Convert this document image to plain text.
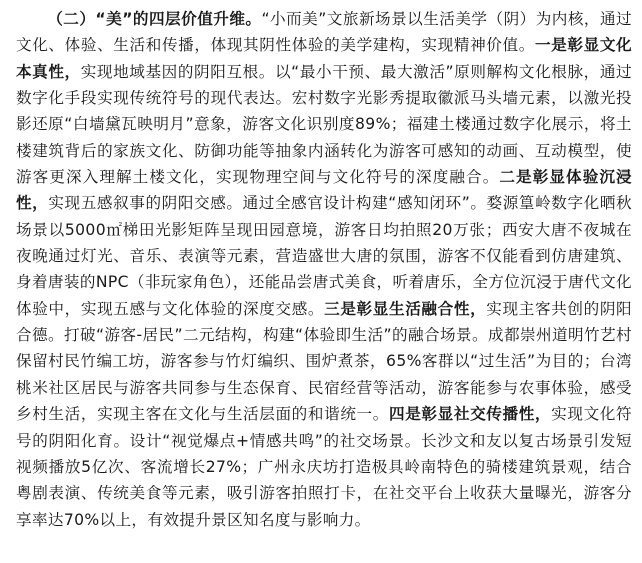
（二）“美”的四层价值升维。“小而美”文旅新场景以生活美学（阴）为内核，通过文化、体验、生活和传播，体现其阴性体验的美学建构，实现精神价值。一是彰显文化本真性，实现地域基因的阴阳互根。以“最小干预、最大激活”原则解构文化根脉，通过数字化手段实现传统符号的现代表达。宏村数字光影秀提取徽派马头墙元素，以激光投影还原“白墙黛瓦映明月”意象，游客文化识别度89%；福建土楼通过数字化展示，将土楼建筑背后的家族文化、防御功能等抽象内涵转化为游客可感知的动画、互动模型，使游客更深入理解土楼文化，实现物理空间与文化符号的深度融合。二是彰显体验沉浸性，实现五感叙事的阴阳交感。通过全感官设计构建“感知闭环”。婺源篁岭数字化晒秋场景以5000㎡梯田光影矩阵呈现田园意境，游客日均拍照20万张；西安大唐不夜城在夜晚通过灯光、音乐、表演等元素，营造盛世大唐的氛围，游客不仅能看到仿唐建筑、身着唐装的NPC（非玩家角色），还能品尝唐式美食，听着唐乐，全方位沉浸于唐代文化体验中，实现五感与文化体验的深度交感。三是彰显生活融合性，实现主客共创的阴阳合德。打破“游客-居民”二元结构，构建“体验即生活”的融合场景。成都崇州道明竹艺村保留村民竹编工坊，游客参与竹灯编织、围炉煮茶，65%客群以“过生活”为目的；台湾桃米社区居民与游客共同参与生态保育、民宿经营等活动，游客能参与农事体验，感受乡村生活，实现主客在文化与生活层面的和谐统一。四是彰显社交传播性，实现文化符号的阴阳化育。设计“视觉爆点+情感共鸣”的社交场景。长沙文和友以复古场景引发短视频播放5亿次、客流增长27%；广州永庆坊打造极具岭南特色的骑楼建筑景观，结合粤剧表演、传统美食等元素，吸引游客拍照打卡，在社交平台上收获大量曝光，游客分享率达70%以上，有效提升景区知名度与影响力。
